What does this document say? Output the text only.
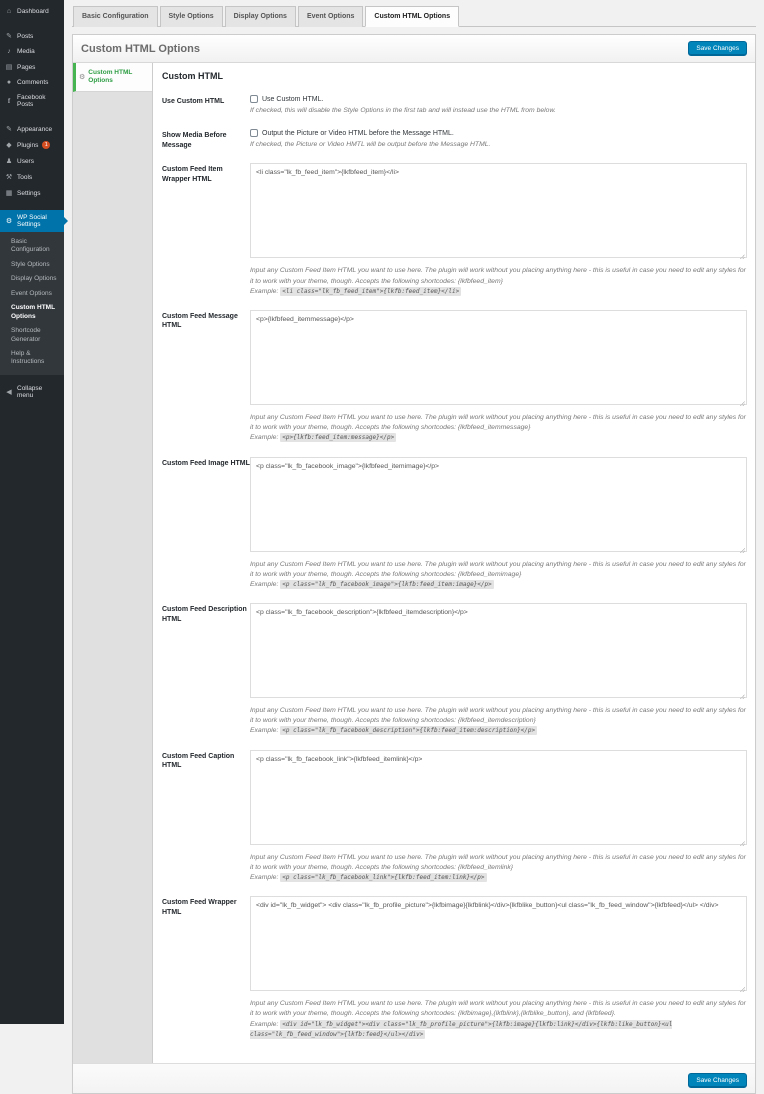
⌂ Dashboard
✎ Posts
♪ Media
▤ Pages
● Comments
f	Facebook Posts
✎ Appearance
◆ Plugins	1
♟ Users
⚒ Tools
▦ Settings
⚙
WP Social Settings
Basic Configuration
Style Options
Display Options
Event Options
Custom HTML Options
Shortcode Generator
Help & Instructions
◀
Collapse menu
Basic Configuration	Style Options	Display Options	Event Options	Custom HTML Options
Custom HTML Options	Save Changes
⚙
Custom HTML Options	Custom HTML
Use Custom HTML	Use Custom HTML.
If checked, this will disable the Style Options in the first tab and will instead use the HTML from below.
Show Media Before Message
Output the Picture or Video HTML before the Message HTML.
If checked, the Picture or Video HMTL will be output before the Message HTML.
Custom Feed Item Wrapper HTML
<li class="lk_fb_feed_item">{lkfbfeed_item}</li>
Input any Custom Feed Item HTML you want to use here. The plugin will work without you placing anything here - this is useful in case you need to edit any styles for it to work with your theme, though. Accepts the following shortcodes: {lkfbfeed_item}
Example: <li class="lk_fb_feed_item">{lkfb:feed_item}</li>
Custom Feed Message HTML
<p>{lkfbfeed_itemmessage}</p>
Input any Custom Feed Item HTML you want to use here. The plugin will work without you placing anything here - this is useful in case you need to edit any styles for it to work with your theme, though. Accepts the following shortcodes: {lkfbfeed_itemmessage}
Example: <p>{lkfb:feed_item:message}</p>
Custom Feed Image HTML
<p class="lk_fb_facebook_image">{lkfbfeed_itemimage}</p>
Input any Custom Feed Item HTML you want to use here. The plugin will work without you placing anything here - this is useful in case you need to edit any styles for it to work with your theme, though. Accepts the following shortcodes: {lkfbfeed_itemimage}
Example: <p class="lk_fb_facebook_image">{lkfb:feed_item:image}</p>
Custom Feed Description HTML
<p class="lk_fb_facebook_description">{lkfbfeed_itemdescription}</p>
Input any Custom Feed Item HTML you want to use here. The plugin will work without you placing anything here - this is useful in case you need to edit any styles for it to work with your theme, though. Accepts the following shortcodes: {lkfbfeed_itemdescription}
Example: <p class="lk_fb_facebook_description">{lkfb:feed_item:description}</p>
Custom Feed Caption HTML
<p class="lk_fb_facebook_link">{lkfbfeed_itemlink}</p>
Input any Custom Feed Item HTML you want to use here. The plugin will work without you placing anything here - this is useful in case you need to edit any styles for it to work with your theme, though. Accepts the following shortcodes: {lkfbfeed_itemlink}
Example: <p class="lk_fb_facebook_link">{lkfb:feed_item:link}</p>
Custom Feed Wrapper HTML
<div id="lk_fb_widget"> <div class="lk_fb_profile_picture">{lkfbimage}{lkfblink}</div>{lkfblike_button}<ul class="lk_fb_feed_window">{lkfbfeed}</ul> </div>
Input any Custom Feed Item HTML you want to use here. The plugin will work without you placing anything here - this is useful in case you need to edit any styles for it to work with your theme, though. Accepts the following shortcodes: {lkfbimage},{lkfblink},{lkfblike_button}, and {lkfbfeed}.
Example: <div id="lk_fb_widget"><div class="lk_fb_profile_picture">{lkfb:image}{lkfb:link}</div>{lkfb:like_button}<ul class="lk_fb_feed_window">{lkfb:feed}</ul></div>
Save Changes
